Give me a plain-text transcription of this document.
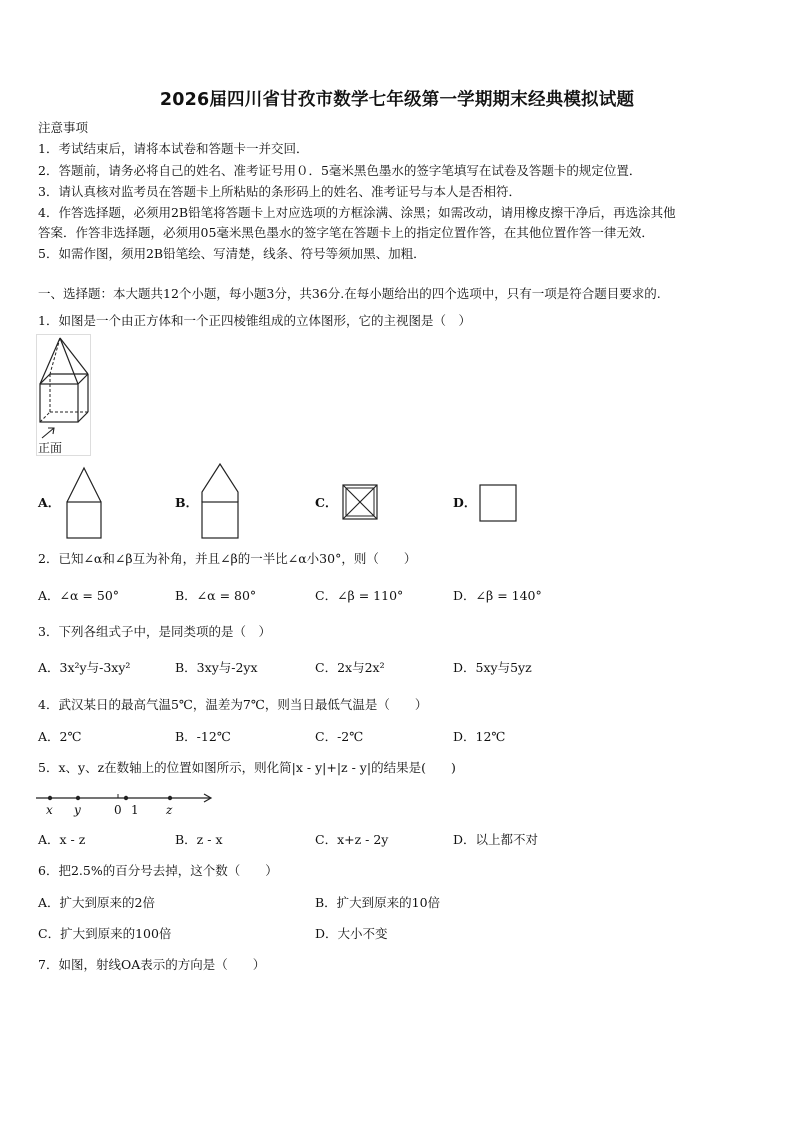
2026届四川省甘孜市数学七年级第一学期期末经典模拟试题
注意事项
1．考试结束后，请将本试卷和答题卡一并交回．
2．答题前，请务必将自己的姓名、准考证号用０．5毫米黑色墨水的签字笔填写在试卷及答题卡的规定位置．
3．请认真核对监考员在答题卡上所粘贴的条形码上的姓名、准考证号与本人是否相符．
4．作答选择题，必须用2B铅笔将答题卡上对应选项的方框涂满、涂黑；如需改动，请用橡皮擦干净后，再选涂其他
答案．作答非选择题，必须用05毫米黑色墨水的签字笔在答题卡上的指定位置作答，在其他位置作答一律无效．
5．如需作图，须用2B铅笔绘、写清楚，线条、符号等须加黑、加粗．
一、选择题：本大题共12个小题，每小题3分，共36分.在每小题给出的四个选项中，只有一项是符合题目要求的.
1．如图是一个由正方体和一个正四棱锥组成的立体图形，它的主视图是（　）
正面
A．	B．	C．	D．
2．已知∠α和∠β互为补角，并且∠β的一半比∠α小30°，则（　　）
A．∠α = 50°	B．∠α = 80°	C．∠β = 110°	D．∠β = 140°
3．下列各组式子中，是同类项的是（　）
A．3x²y与-3xy²	B．3xy与-2yx	C．2x与2x²	D．5xy与5yz
4．武汉某日的最高气温5℃，温差为7℃，则当日最低气温是（　　）
A．2℃	B．-12℃	C．-2℃	D．12℃
5．x、y、z在数轴上的位置如图所示，则化简|x - y|+|z - y|的结果是(　　)
x y	0 1 z
A．x - z	B．z - x	C．x+z - 2y	D．以上都不对
6．把2.5%的百分号去掉，这个数（　　）
A．扩大到原来的2倍	B．扩大到原来的10倍
C．扩大到原来的100倍	D．大小不变
7．如图，射线OA表示的方向是（　　）
